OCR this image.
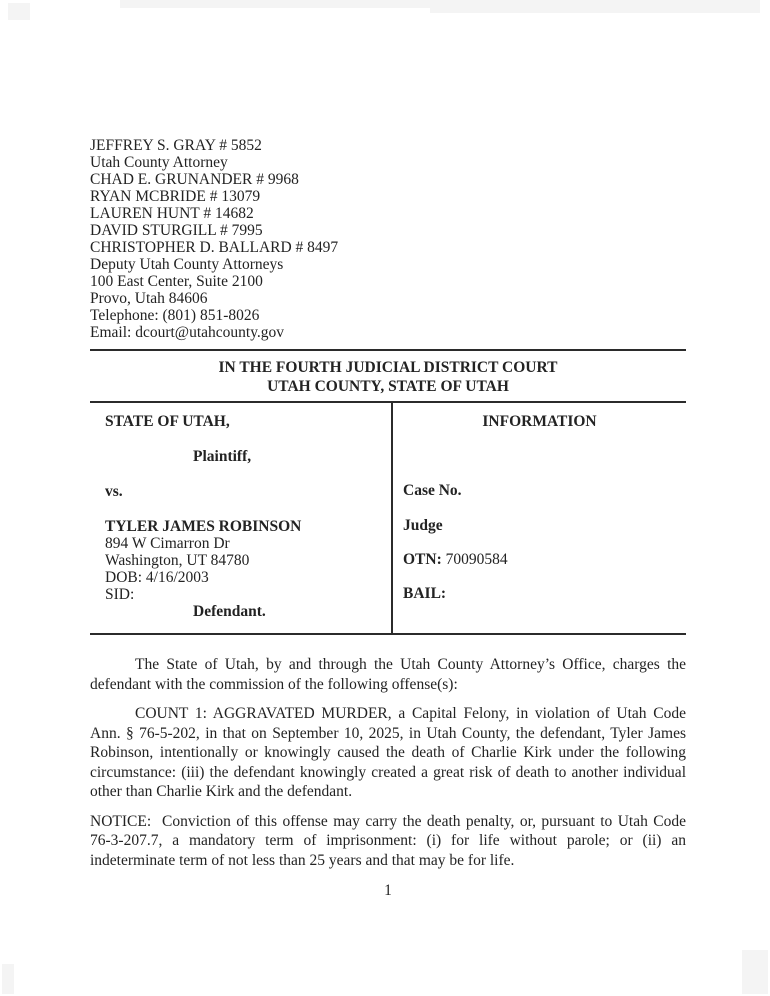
JEFFREY S. GRAY # 5852
Utah County Attorney
CHAD E. GRUNANDER # 9968
RYAN MCBRIDE # 13079
LAUREN HUNT # 14682
DAVID STURGILL # 7995
CHRISTOPHER D. BALLARD # 8497
Deputy Utah County Attorneys
100 East Center, Suite 2100
Provo, Utah 84606
Telephone: (801) 851-8026
Email: dcourt@utahcounty.gov
IN THE FOURTH JUDICIAL DISTRICT COURT
UTAH COUNTY, STATE OF UTAH
STATE OF UTAH,
Plaintiff,
vs.
TYLER JAMES ROBINSON
894 W Cimarron Dr
Washington, UT 84780
DOB: 4/16/2003
SID:
Defendant.
INFORMATION
Case No.
Judge
OTN: 70090584
BAIL:

The State of Utah, by and through the Utah County Attorney’s Office, charges the defendant with the commission of the following offense(s):

COUNT 1: AGGRAVATED MURDER, a Capital Felony, in violation of Utah Code Ann. § 76-5-202, in that on September 10, 2025, in Utah County, the defendant, Tyler James Robinson, intentionally or knowingly caused the death of Charlie Kirk under the following circumstance: (iii) the defendant knowingly created a great risk of death to another individual other than Charlie Kirk and the defendant.

NOTICE:  Conviction of this offense may carry the death penalty, or, pursuant to Utah Code 76-3-207.7, a mandatory term of imprisonment: (i) for life without parole; or (ii) an indeterminate term of not less than 25 years and that may be for life.

1
